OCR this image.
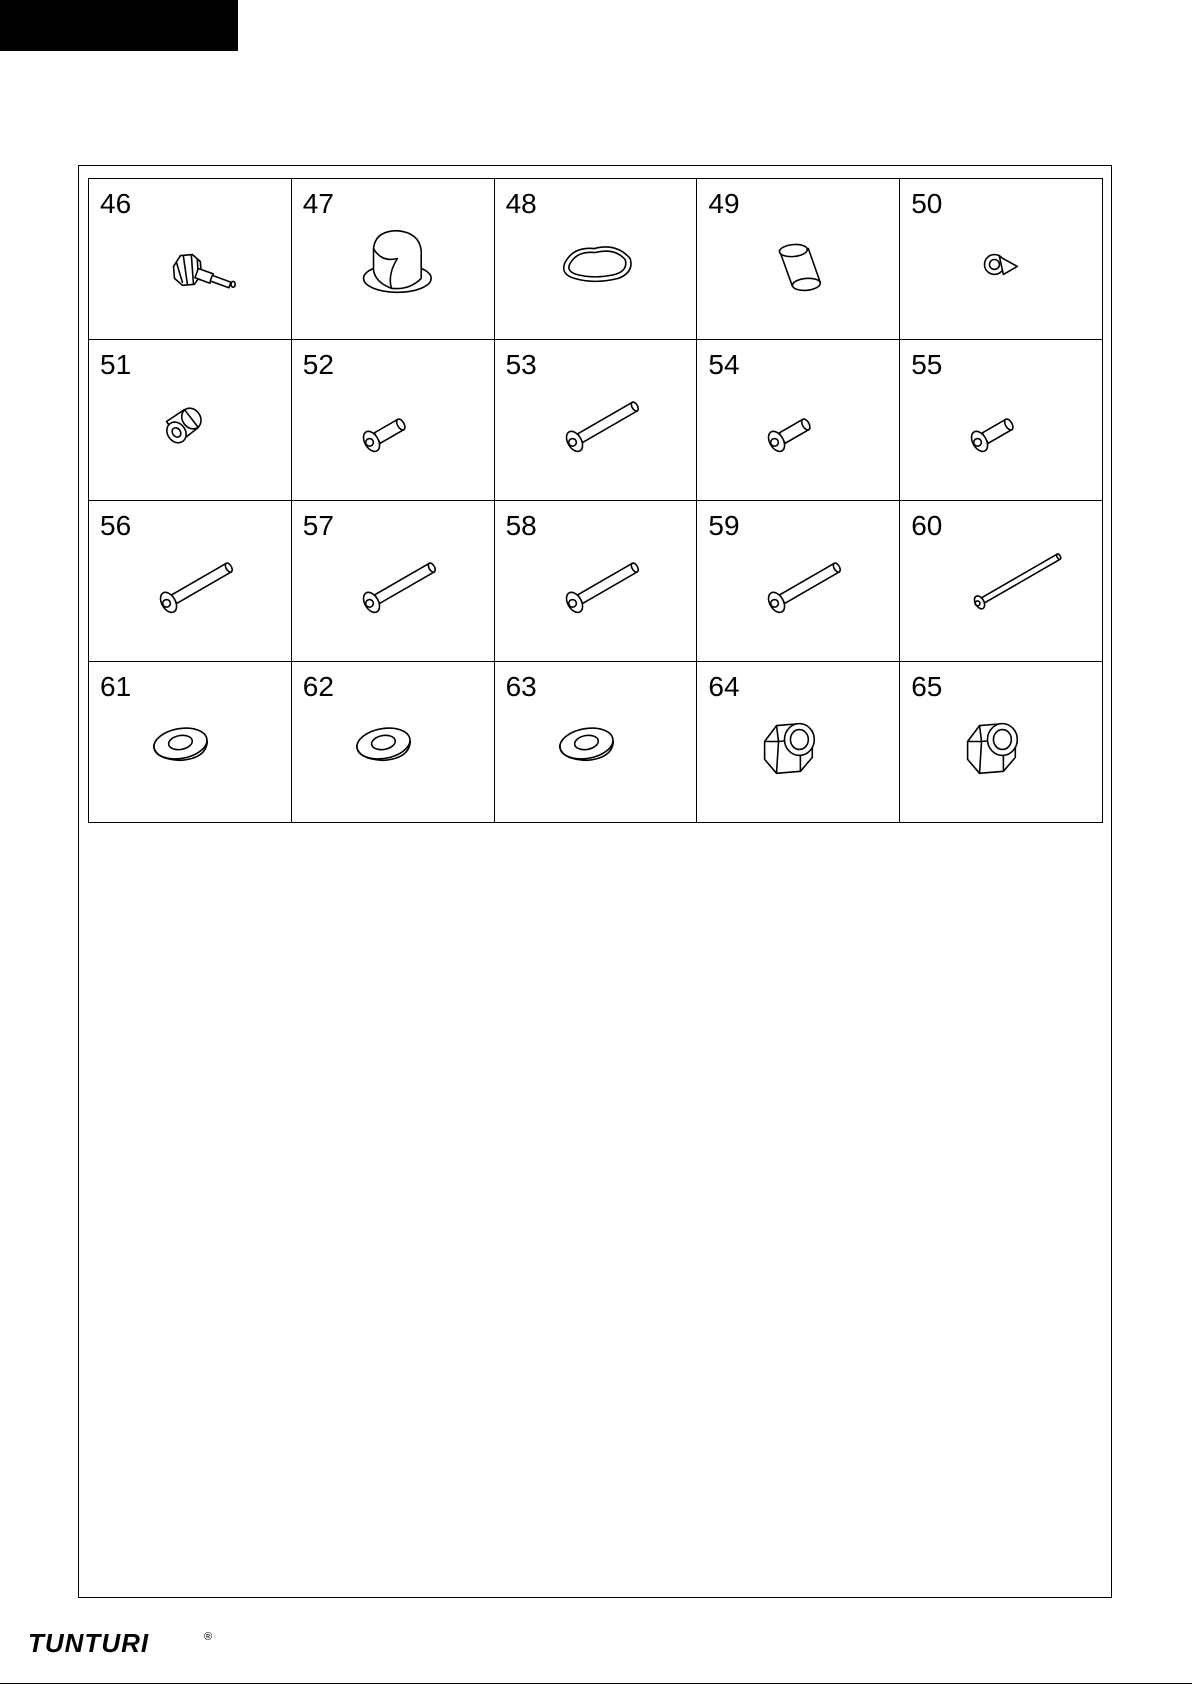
46	47	48	49	50
51	52	53	54	55
56	57	58	59	60
61	62	63	64	65
TUNTURI	®
